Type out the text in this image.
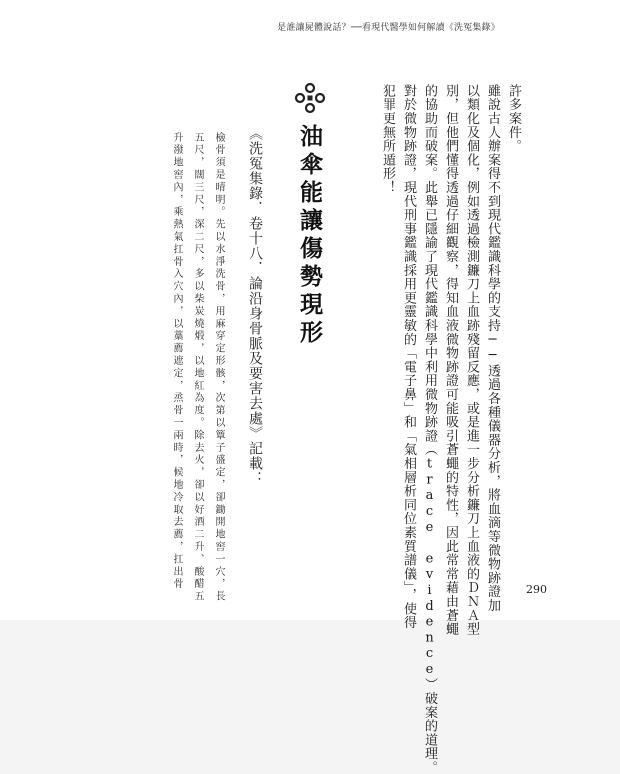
是誰讓屍體說話？──看現代醫學如何解讀《洗冤集錄》
許多案件。
雖說古人辦案得不到現代鑑識科學的支持──透過各種儀器分析，將血滴等微物跡證加
以類化及個化，例如透過檢測鐮刀上血跡殘留反應，或是進一步分析鐮刀上血液的ＤＮＡ型
別，但他們懂得透過仔細觀察，得知血液微物跡證可能吸引蒼蠅的特性，因此常常藉由蒼蠅
的協助而破案。此舉已隱諭了現代鑑識科學中利用微物跡證（trace evidence）破案的道理。
對於微物跡證，現代刑事鑑識採用更靈敏的「電子鼻」和「氣相層析同位素質譜儀」，使得
犯罪更無所遁形！
油傘能讓傷勢現形
《洗冤集錄．卷十八．論沿身骨脈及要害去處》記載：
檢骨須是晴明。先以水淨洗骨，用麻穿定形骸，次第以簟子盛定，卻鋤開地窖一穴，長
五尺，闊三尺，深二尺，多以柴炭燒煅，以地紅為度。除去火，卻以好酒二升、酸醋五
升潑地窖內，乘熱氣扛骨入穴內，以藁薦遮定，烝骨一兩時，候地冷取去薦，扛出骨	290
